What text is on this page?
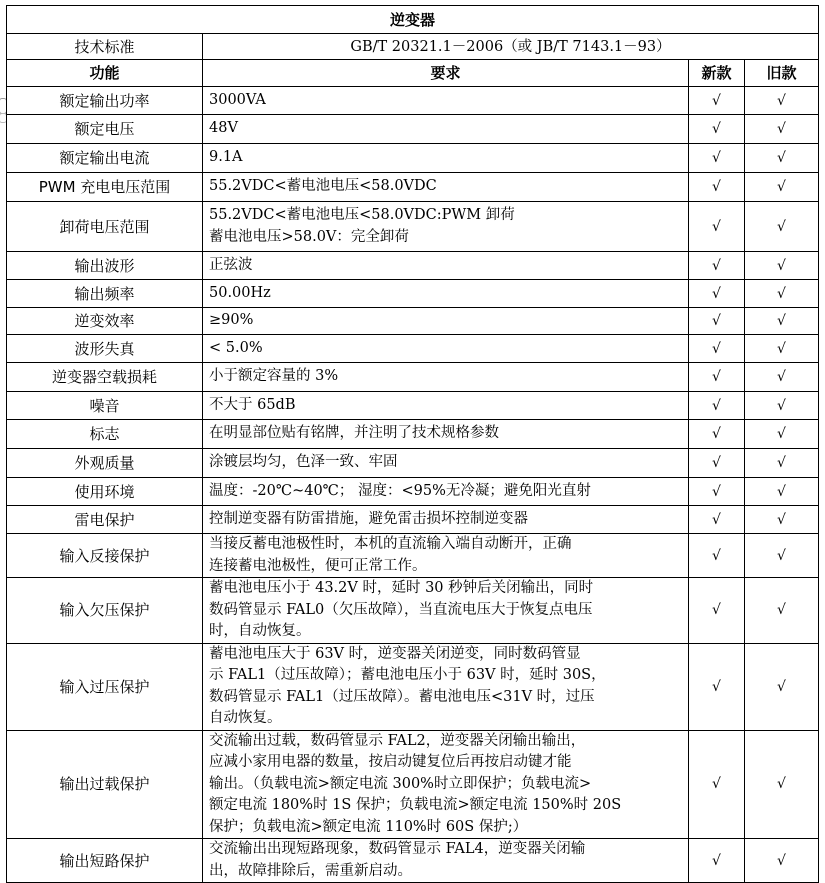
逆变器			
技术标准	GB/T 20321.1－2006（或 JB/T 7143.1－93）		
功能	要求	新款	旧款
额定输出功率	3000VA	√	√
额定电压	48V	√	√
额定输出电流	9.1A	√	√
PWM 充电电压范围	55.2VDC<蓄电池电压<58.0VDC	√	√
卸荷电压范围	55.2VDC<蓄电池电压<58.0VDC:PWM 卸荷
蓄电池电压>58.0V：完全卸荷	√	√
输出波形	正弦波	√	√
输出频率	50.00Hz	√	√
逆变效率	≥90%	√	√
波形失真	< 5.0%	√	√
逆变器空载损耗	小于额定容量的 3%	√	√
噪音	不大于 65dB	√	√
标志	在明显部位贴有铭牌，并注明了技术规格参数	√	√
外观质量	涂镀层均匀，色泽一致、牢固	√	√
使用环境	温度：-20℃~40℃； 湿度：<95%无冷凝；避免阳光直射	√	√
雷电保护	控制逆变器有防雷措施，避免雷击损坏控制逆变器	√	√
输入反接保护	当接反蓄电池极性时，本机的直流输入端自动断开，正确
连接蓄电池极性，便可正常工作。	√	√
输入欠压保护	蓄电池电压小于 43.2V 时，延时 30 秒钟后关闭输出，同时
数码管显示 FAL0（欠压故障），当直流电压大于恢复点电压
时，自动恢复。	√	√
输入过压保护	蓄电池电压大于 63V 时，逆变器关闭逆变，同时数码管显
示 FAL1（过压故障）；蓄电池电压小于 63V 时，延时 30S，
数码管显示 FAL1（过压故障）。蓄电池电压<31V 时，过压
自动恢复。	√	√
输出过载保护	交流输出过载，数码管显示 FAL2，逆变器关闭输出输出，
应减小家用电器的数量，按启动键复位后再按启动键才能
输出。（负载电流>额定电流 300%时立即保护；负载电流>
额定电流 180%时 1S 保护；负载电流>额定电流 150%时 20S
保护；负载电流>额定电流 110%时 60S 保护;）	√	√
输出短路保护	交流输出出现短路现象，数码管显示 FAL4，逆变器关闭输
出，故障排除后，需重新启动。	√	√
